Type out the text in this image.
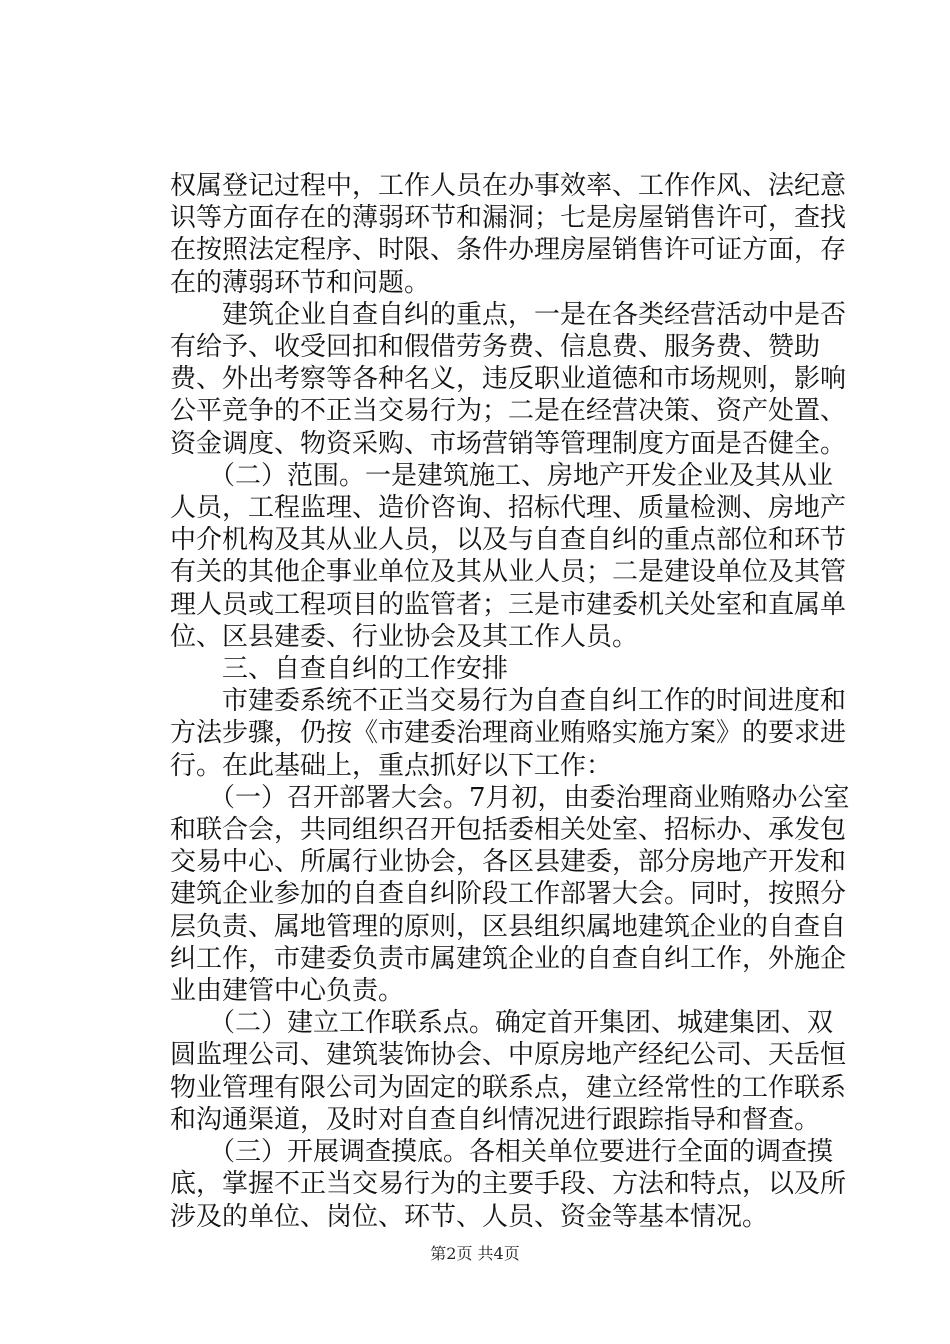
权属登记过程中，工作人员在办事效率、工作作风、法纪意识等方面存在的薄弱环节和漏洞；七是房屋销售许可，查找在按照法定程序、时限、条件办理房屋销售许可证方面，存在的薄弱环节和问题。

　　建筑企业自查自纠的重点，一是在各类经营活动中是否有给予、收受回扣和假借劳务费、信息费、服务费、赞助费、外出考察等各种名义，违反职业道德和市场规则，影响公平竞争的不正当交易行为；二是在经营决策、资产处置、资金调度、物资采购、市场营销等管理制度方面是否健全。

　　（二）范围。一是建筑施工、房地产开发企业及其从业人员，工程监理、造价咨询、招标代理、质量检测、房地产中介机构及其从业人员，以及与自查自纠的重点部位和环节有关的其他企事业单位及其从业人员；二是建设单位及其管理人员或工程项目的监管者；三是市建委机关处室和直属单位、区县建委、行业协会及其工作人员。

　　三、自查自纠的工作安排

　　市建委系统不正当交易行为自查自纠工作的时间进度和方法步骤，仍按《市建委治理商业贿赂实施方案》的要求进行。在此基础上，重点抓好以下工作：

　　（一）召开部署大会。7月初，由委治理商业贿赂办公室和联合会，共同组织召开包括委相关处室、招标办、承发包交易中心、所属行业协会，各区县建委，部分房地产开发和建筑企业参加的自查自纠阶段工作部署大会。同时，按照分层负责、属地管理的原则，区县组织属地建筑企业的自查自纠工作，市建委负责市属建筑企业的自查自纠工作，外施企业由建管中心负责。

　　（二）建立工作联系点。确定首开集团、城建集团、双圆监理公司、建筑装饰协会、中原房地产经纪公司、天岳恒物业管理有限公司为固定的联系点，建立经常性的工作联系和沟通渠道，及时对自查自纠情况进行跟踪指导和督查。

　　（三）开展调查摸底。各相关单位要进行全面的调查摸底，掌握不正当交易行为的主要手段、方法和特点，以及所涉及的单位、岗位、环节、人员、资金等基本情况。

第2页 共4页
